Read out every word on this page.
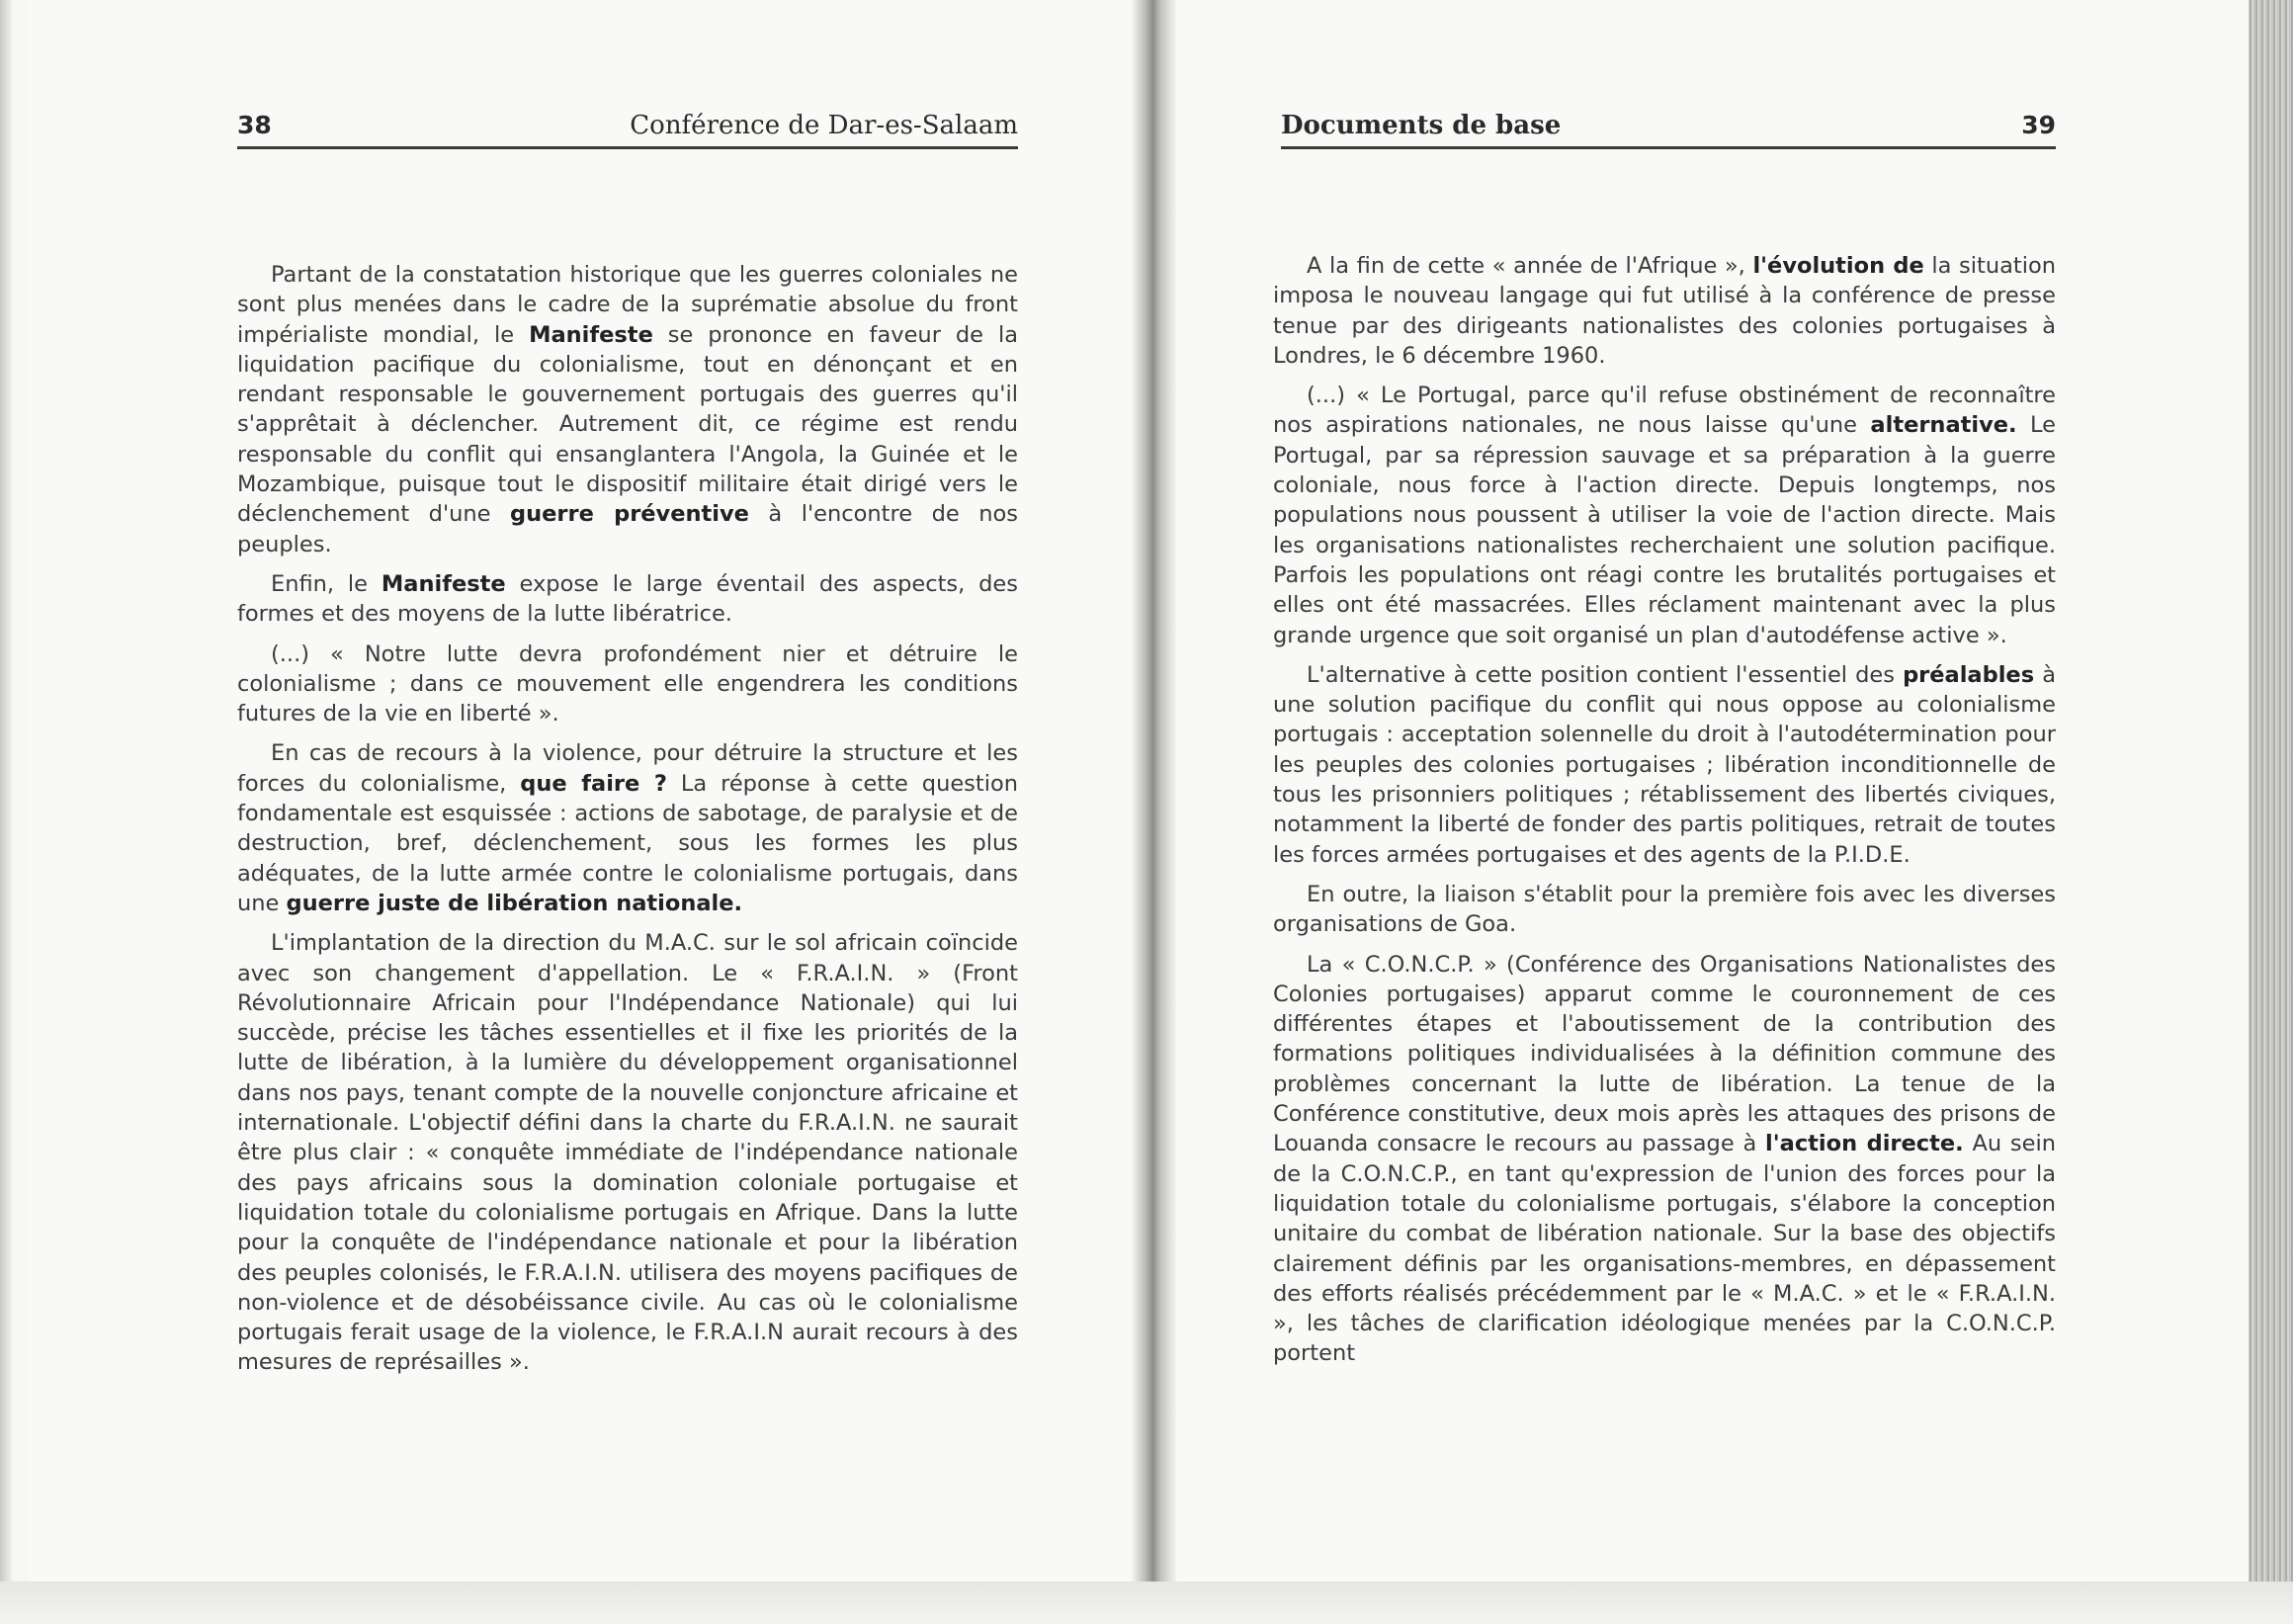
38	Conférence de Dar-es-Salaam	Documents de base	39

Partant de la constatation historique que les guerres coloniales ne sont plus menées dans le cadre de la suprématie absolue du front impérialiste mondial, le Manifeste se prononce en faveur de la liquidation pacifique du colonialisme, tout en dénonçant et en rendant responsable le gouvernement portugais des guerres qu'il s'apprêtait à déclencher. Autrement dit, ce régime est rendu responsable du conflit qui ensanglantera l'Angola, la Guinée et le Mozambique, puisque tout le dispositif militaire était dirigé vers le déclenchement d'une guerre préventive à l'encontre de nos peuples.

Enfin, le Manifeste expose le large éventail des aspects, des formes et des moyens de la lutte libératrice.

(...) « Notre lutte devra profondément nier et détruire le colonialisme ; dans ce mouvement elle engendrera les conditions futures de la vie en liberté ».

En cas de recours à la violence, pour détruire la structure et les forces du colonialisme, que faire ? La réponse à cette question fondamentale est esquissée : actions de sabotage, de paralysie et de destruction, bref, déclenchement, sous les formes les plus adéquates, de la lutte armée contre le colonialisme portugais, dans une guerre juste de libération nationale.

L'implantation de la direction du M.A.C. sur le sol africain coïncide avec son changement d'appellation. Le « F.R.A.I.N. » (Front Révolutionnaire Africain pour l'Indépendance Nationale) qui lui succède, précise les tâches essentielles et il fixe les priorités de la lutte de libération, à la lumière du développement organisationnel dans nos pays, tenant compte de la nouvelle conjoncture africaine et internationale. L'objectif défini dans la charte du F.R.A.I.N. ne saurait être plus clair : « conquête immédiate de l'indépendance nationale des pays africains sous la domination coloniale portugaise et liquidation totale du colonialisme portugais en Afrique. Dans la lutte pour la conquête de l'indépendance nationale et pour la libération des peuples colonisés, le F.R.A.I.N. utilisera des moyens pacifiques de non-violence et de désobéissance civile. Au cas où le colonialisme portugais ferait usage de la violence, le F.R.A.I.N aurait recours à des mesures de représailles ».

A la fin de cette « année de l'Afrique », l'évolution de la situation imposa le nouveau langage qui fut utilisé à la conférence de presse tenue par des dirigeants nationalistes des colonies portugaises à Londres, le 6 décembre 1960.

(...) « Le Portugal, parce qu'il refuse obstinément de reconnaître nos aspirations nationales, ne nous laisse qu'une alternative. Le Portugal, par sa répression sauvage et sa préparation à la guerre coloniale, nous force à l'action directe. Depuis longtemps, nos populations nous poussent à utiliser la voie de l'action directe. Mais les organisations nationalistes recherchaient une solution pacifique. Parfois les populations ont réagi contre les brutalités portugaises et elles ont été massacrées. Elles réclament maintenant avec la plus grande urgence que soit organisé un plan d'autodéfense active ».

L'alternative à cette position contient l'essentiel des préalables à une solution pacifique du conflit qui nous oppose au colonialisme portugais : acceptation solennelle du droit à l'autodétermination pour les peuples des colonies portugaises ; libération inconditionnelle de tous les prisonniers politiques ; rétablissement des libertés civiques, notamment la liberté de fonder des partis politiques, retrait de toutes les forces armées portugaises et des agents de la P.I.D.E.

En outre, la liaison s'établit pour la première fois avec les diverses organisations de Goa.

La « C.O.N.C.P. » (Conférence des Organisations Nationalistes des Colonies portugaises) apparut comme le couronnement de ces différentes étapes et l'aboutissement de la contribution des formations politiques individualisées à la définition commune des problèmes concernant la lutte de libération. La tenue de la Conférence constitutive, deux mois après les attaques des prisons de Louanda consacre le recours au passage à l'action directe. Au sein de la C.O.N.C.P., en tant qu'expression de l'union des forces pour la liquidation totale du colonialisme portugais, s'élabore la conception unitaire du combat de libération nationale. Sur la base des objectifs clairement définis par les organisations-membres, en dépassement des efforts réalisés précédemment par le « M.A.C. » et le « F.R.A.I.N. », les tâches de clarification idéologique menées par la C.O.N.C.P. portent
